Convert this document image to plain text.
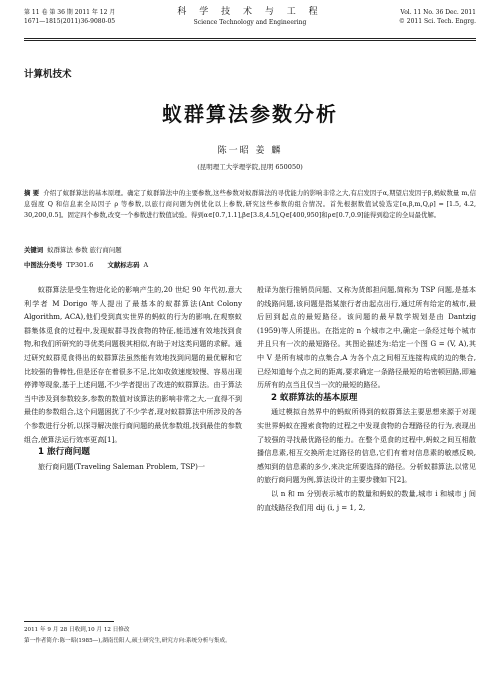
第 11 卷 第 36 期 2011 年 12 月
1671—1815(2011)36-9080-05
科 学 技 术 与 工 程
Science Technology and Engineering
Vol. 11 No. 36 Dec. 2011
© 2011 Sci. Tech. Engrg.
计算机技术
蚁群算法参数分析
陈一昭 姜 麟
(昆明理工大学理学院,昆明 650050)
摘 要 介绍了蚁群算法的基本原理。确定了蚁群算法中的主要参数,这些参数对蚁群算法的寻优能力的影响非常之大,有启发因子α,期望启发因子β,蚂蚁数量 m,信息强度 Q 和信息素全局因子 ρ 等参数,以旅行商问题为例优化以上参数,研究这些参数的组合情况。首先根据数值试验选定[α,β,m,Q,ρ] = [1.5, 4.2, 30,200,0.5]。固定四个参数,改变一个参数进行数值试验。得到α∈[0.7,1.1],β∈[3.8,4.5],Q∈[400,950]和ρ∈[0.7,0.9]能得到稳定的全局最优解。
关键词 蚁群算法 参数 旅行商问题
中图法分类号 TP301.6 文献标志码 A

蚁群算法是受生物进化论的影响产生的,20 世纪 90 年代初,意大利学者 M Dorigo 等人提出了最基本的蚁群算法(Ant Colony Algorithm, ACA),他们受到真实世界的蚂蚁的行为的影响,在观察蚁群集体觅食的过程中,发现蚁群寻找食物的特征,能迅速有效地找到食物,和我们所研究的寻优类问题极其相似,有助于对这类问题的求解。通过研究蚁群觅食得出的蚁群算法虽然能有效地找到问题的最优解和它比较强的鲁棒性,但是还存在着很多不足,比如收敛速度较慢、容易出现停滞等现象,基于上述问题,不少学者提出了改进的蚁群算法。由于算法当中涉及到参数较多,参数的数值对该算法的影响非常之大,一直得不到最佳的参数组合,这个问题困扰了不少学者,现对蚁群算法中所涉及的各个参数进行分析,以探寻解决旅行商问题的最优参数组,找到最佳的参数组合,使算法运行效率更高[1]。

1 旅行商问题

旅行商问题(Traveling Saleman Problem, TSP)一

般译为旅行推销员问题、又称为货郎担问题,简称为 TSP 问题,是基本的线路问题,该问题是指某旅行者由起点出行,通过所有给定的城市,最后回到起点的最短路径。该问题的最早数学规划是由 Dantzig (1959)等人所提出。在指定的 n 个城市之中,确定一条经过每个城市并且只有一次的最短路径。其图论描述为:给定一个图 G = (V, A),其中 V 是所有城市的点集合,A 为各个点之间相互连接构成的边的集合,已经知道每个点之间的距离,要求确定一条路径最短的哈密顿回路,即遍历所有的点当且仅当一次的最短的路径。

2 蚁群算法的基本原理

通过模拟自然界中的蚂蚁所得到的蚁群算法主要思想来源于对现实世界蚂蚁在搜索食物的过程之中发现食物的合理路径的行为,表现出了较强的寻找最优路径的能力。在整个觅食的过程中,蚂蚁之间互相散播信息素,相互交换所走过路径的信息,它们有着对信息素的敏感反映,感知到的信息素的多少,来决定所要选择的路径。分析蚁群算法,以常见的旅行商问题为例,算法设计的主要步骤如下[2]。

以 n 和 m 分别表示城市的数量和蚂蚁的数量,城市 i 和城市 j 间的直线路径我们用 dij (i, j = 1, 2,

2011 年 9 月 28 日收到,10 月 12 日修改
第一作者简介:陈一昭(1985—),湖南岳阳人,硕士研究生,研究方向:系统分析与集成。
